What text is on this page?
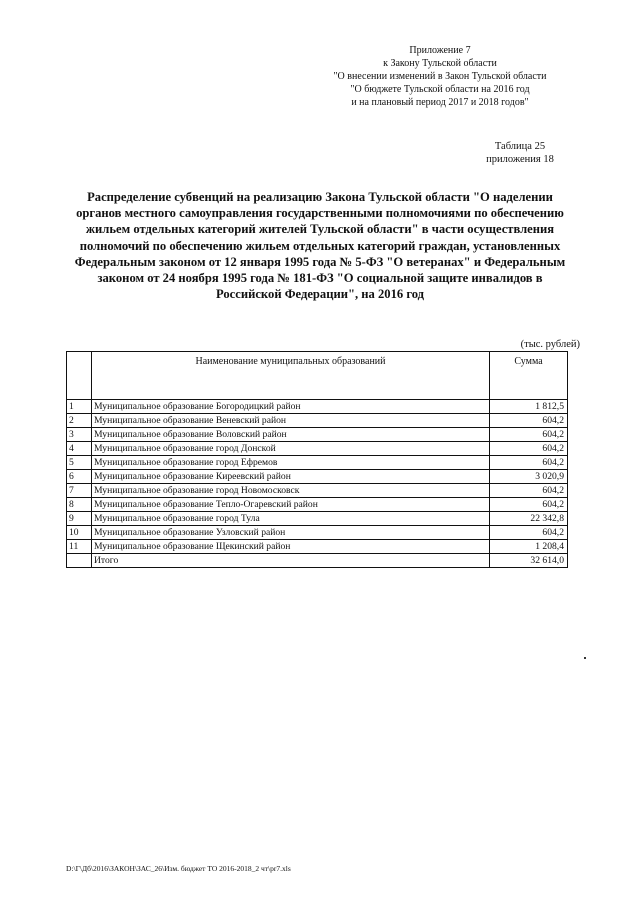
Приложение 7
к Закону Тульской области
"О внесении изменений в Закон Тульской области
"О бюджете Тульской области на 2016 год
и на плановый период 2017 и 2018 годов"
Таблица 25
приложения 18
Распределение субвенций на реализацию Закона Тульской области "О наделении
органов местного самоуправления государственными полномочиями по обеспечению
жильем отдельных категорий жителей Тульской области" в части осуществления
полномочий по обеспечению жильем отдельных категорий граждан, установленных
Федеральным законом от 12 января 1995 года № 5-ФЗ "О ветеранах" и Федеральным
законом от 24 ноября 1995 года № 181-ФЗ "О социальной защите инвалидов в
Российской Федерации", на 2016 год
(тыс. рублей)
	Наименование муниципальных образований	Сумма
1	Муниципальное образование Богородицкий район	1 812,5
2	Муниципальное образование Веневский район	604,2
3	Муниципальное образование Воловский район	604,2
4	Муниципальное образование город Донской	604,2
5	Муниципальное образование город Ефремов	604,2
6	Муниципальное образование Киреевский район	3 020,9
7	Муниципальное образование город Новомосковск	604,2
8	Муниципальное образование Тепло-Огаревский район	604,2
9	Муниципальное образование город Тула	22 342,8
10	Муниципальное образование Узловский район	604,2
11	Муниципальное образование Щекинский район	1 208,4
	Итого	32 614,0
D:\Г\Дб\2016\ЗАКОН\ЗАС_26\Изм. бюджет ТО 2016-2018_2 чт\pr7.xls
